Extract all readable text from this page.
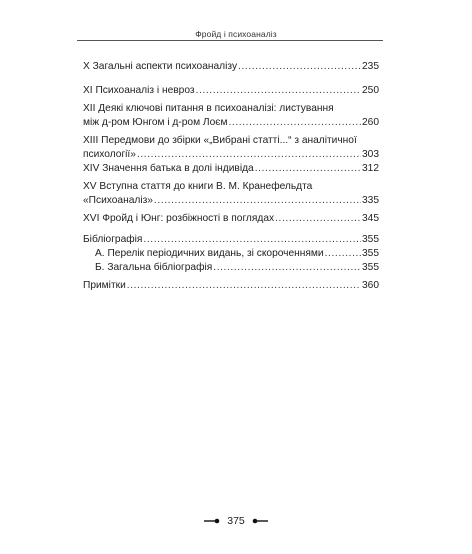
Фройд і психоаналіз
X Загальні аспекти психоаналізу .....	235
XI Психоаналіз і невроз .....	250
XII Деякі ключові питання в психоаналізі: листування
між д-ром Юнгом і д-ром Лоєм .....	260
XIII Передмови до збірки «„Вибрані статті...“ з аналітичної
психології» .....	303
XIV Значення батька в долі індивіда .....	312
XV Вступна стаття до книги В. М. Кранефельдта
«Психоаналіз» .....	335
XVI Фройд і Юнг: розбіжності в поглядах .....	345
Бібліографія .....	355
А. Перелік періодичних видань, зі скороченнями .....	355
Б. Загальна бібліографія .....	355
Примітки .....	360
375
